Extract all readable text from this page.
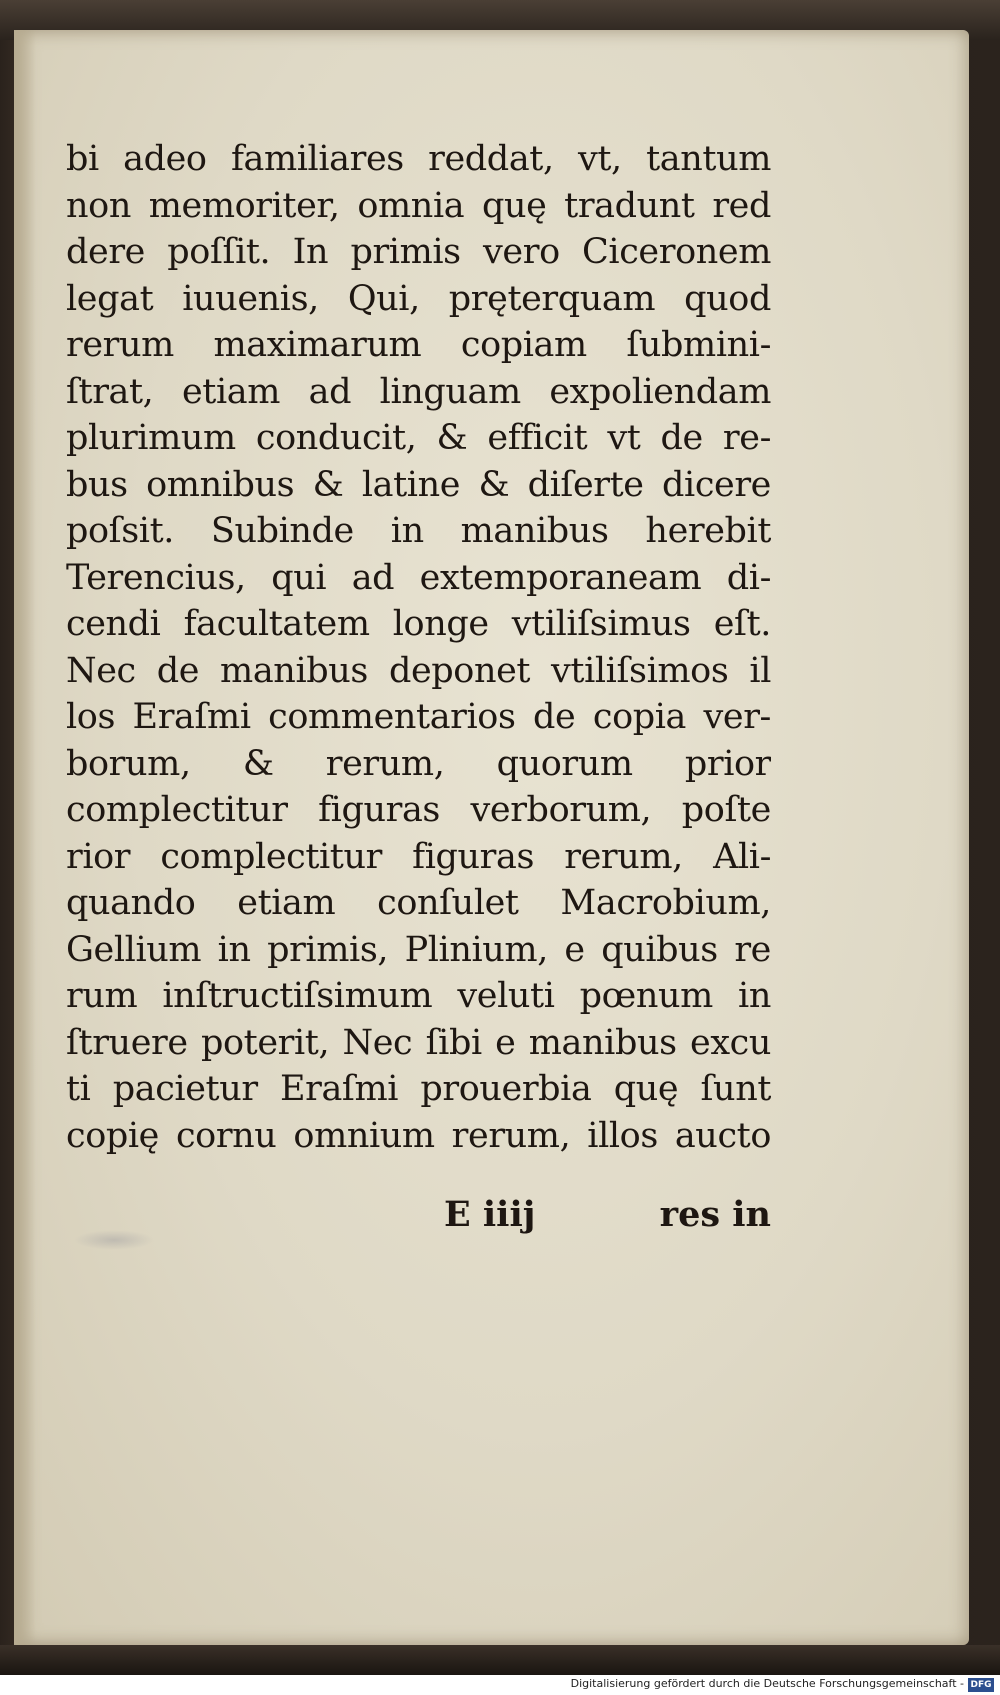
bi adeo familiares reddat, vt, tantum
non memoriter, omnia quę tradunt red
dere poſſit. In primis vero Ciceronem
legat iuuenis, Qui, pręterquam quod
rerum maximarum copiam ſubmini-
ſtrat, etiam ad linguam expoliendam
plurimum conducit, & efficit vt de re-
bus omnibus & latine & diſerte dicere
poſsit. Subinde in manibus herebit
Terencius, qui ad extemporaneam di-
cendi facultatem longe vtiliſsimus eſt.
Nec de manibus deponet vtiliſsimos il
los Eraſmi commentarios de copia ver-
borum, & rerum, quorum prior
complectitur figuras verborum, poſte
rior complectitur figuras rerum, Ali-
quando etiam conſulet Macrobium,
Gellium in primis, Plinium, e quibus re
rum inſtructiſsimum veluti pœnum in
ſtruere poterit, Nec ſibi e manibus excu
ti pacietur Eraſmi prouerbia quę ſunt
copię cornu omnium rerum, illos aucto
E iiij	res in
Digitalisierung gefördert durch die Deutsche Forschungsgemeinschaft - DFG
